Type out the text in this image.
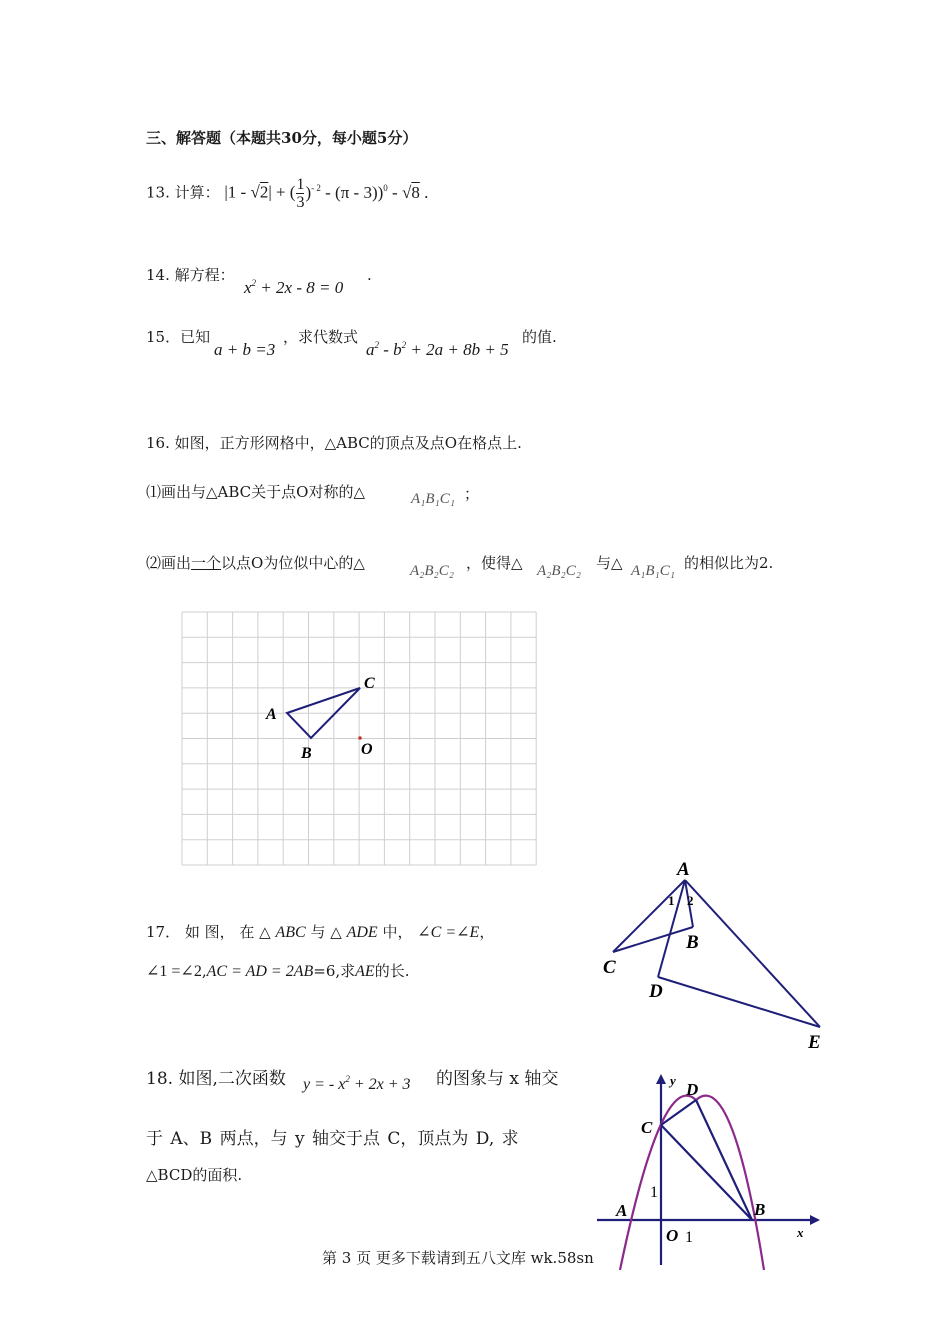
三、解答题（本题共30分，每小题5分）
13. 计算： |1 - √2| + ( $\frac{1}{3} )^{- 2} - (\pi - 3))^0 - √8$ .
14. 解方程：
$x^2 + 2x - 8 = 0$
.
15．已知
a + b =3
，求代数式
$a^2 - b^2 + 2a + 8b + 5$
的值.
16. 如图，正方形网格中，△ABC的顶点及点O在格点上.
⑴画出与△ABC关于点O对称的△	A₁B₁C₁ ；
⑵画出一个以点O为位似中心的△	A₂B₂C₂ ，使得△ A₂B₂C₂ 与△ A₁B₁C₁ 的相似比为2.
A
B
C
O
17． 如 图， 在 △ ABC 与 △ ADE 中， ∠C =∠E，
∠1 =∠2,AC = AD = 2AB=6,求AE的长.
A
B
C
D
E
1 2
18. 如图,二次函数 y = - $x^2 + 2x + 3$ 的图象与 x 轴交
于 A、B 两点，与 y 轴交于点 C，顶点为 D, 求
△BCD的面积.
y
x
D
C
A	B
O 1
1
第 3 页 更多下载请到五八文库 wk.58sn
